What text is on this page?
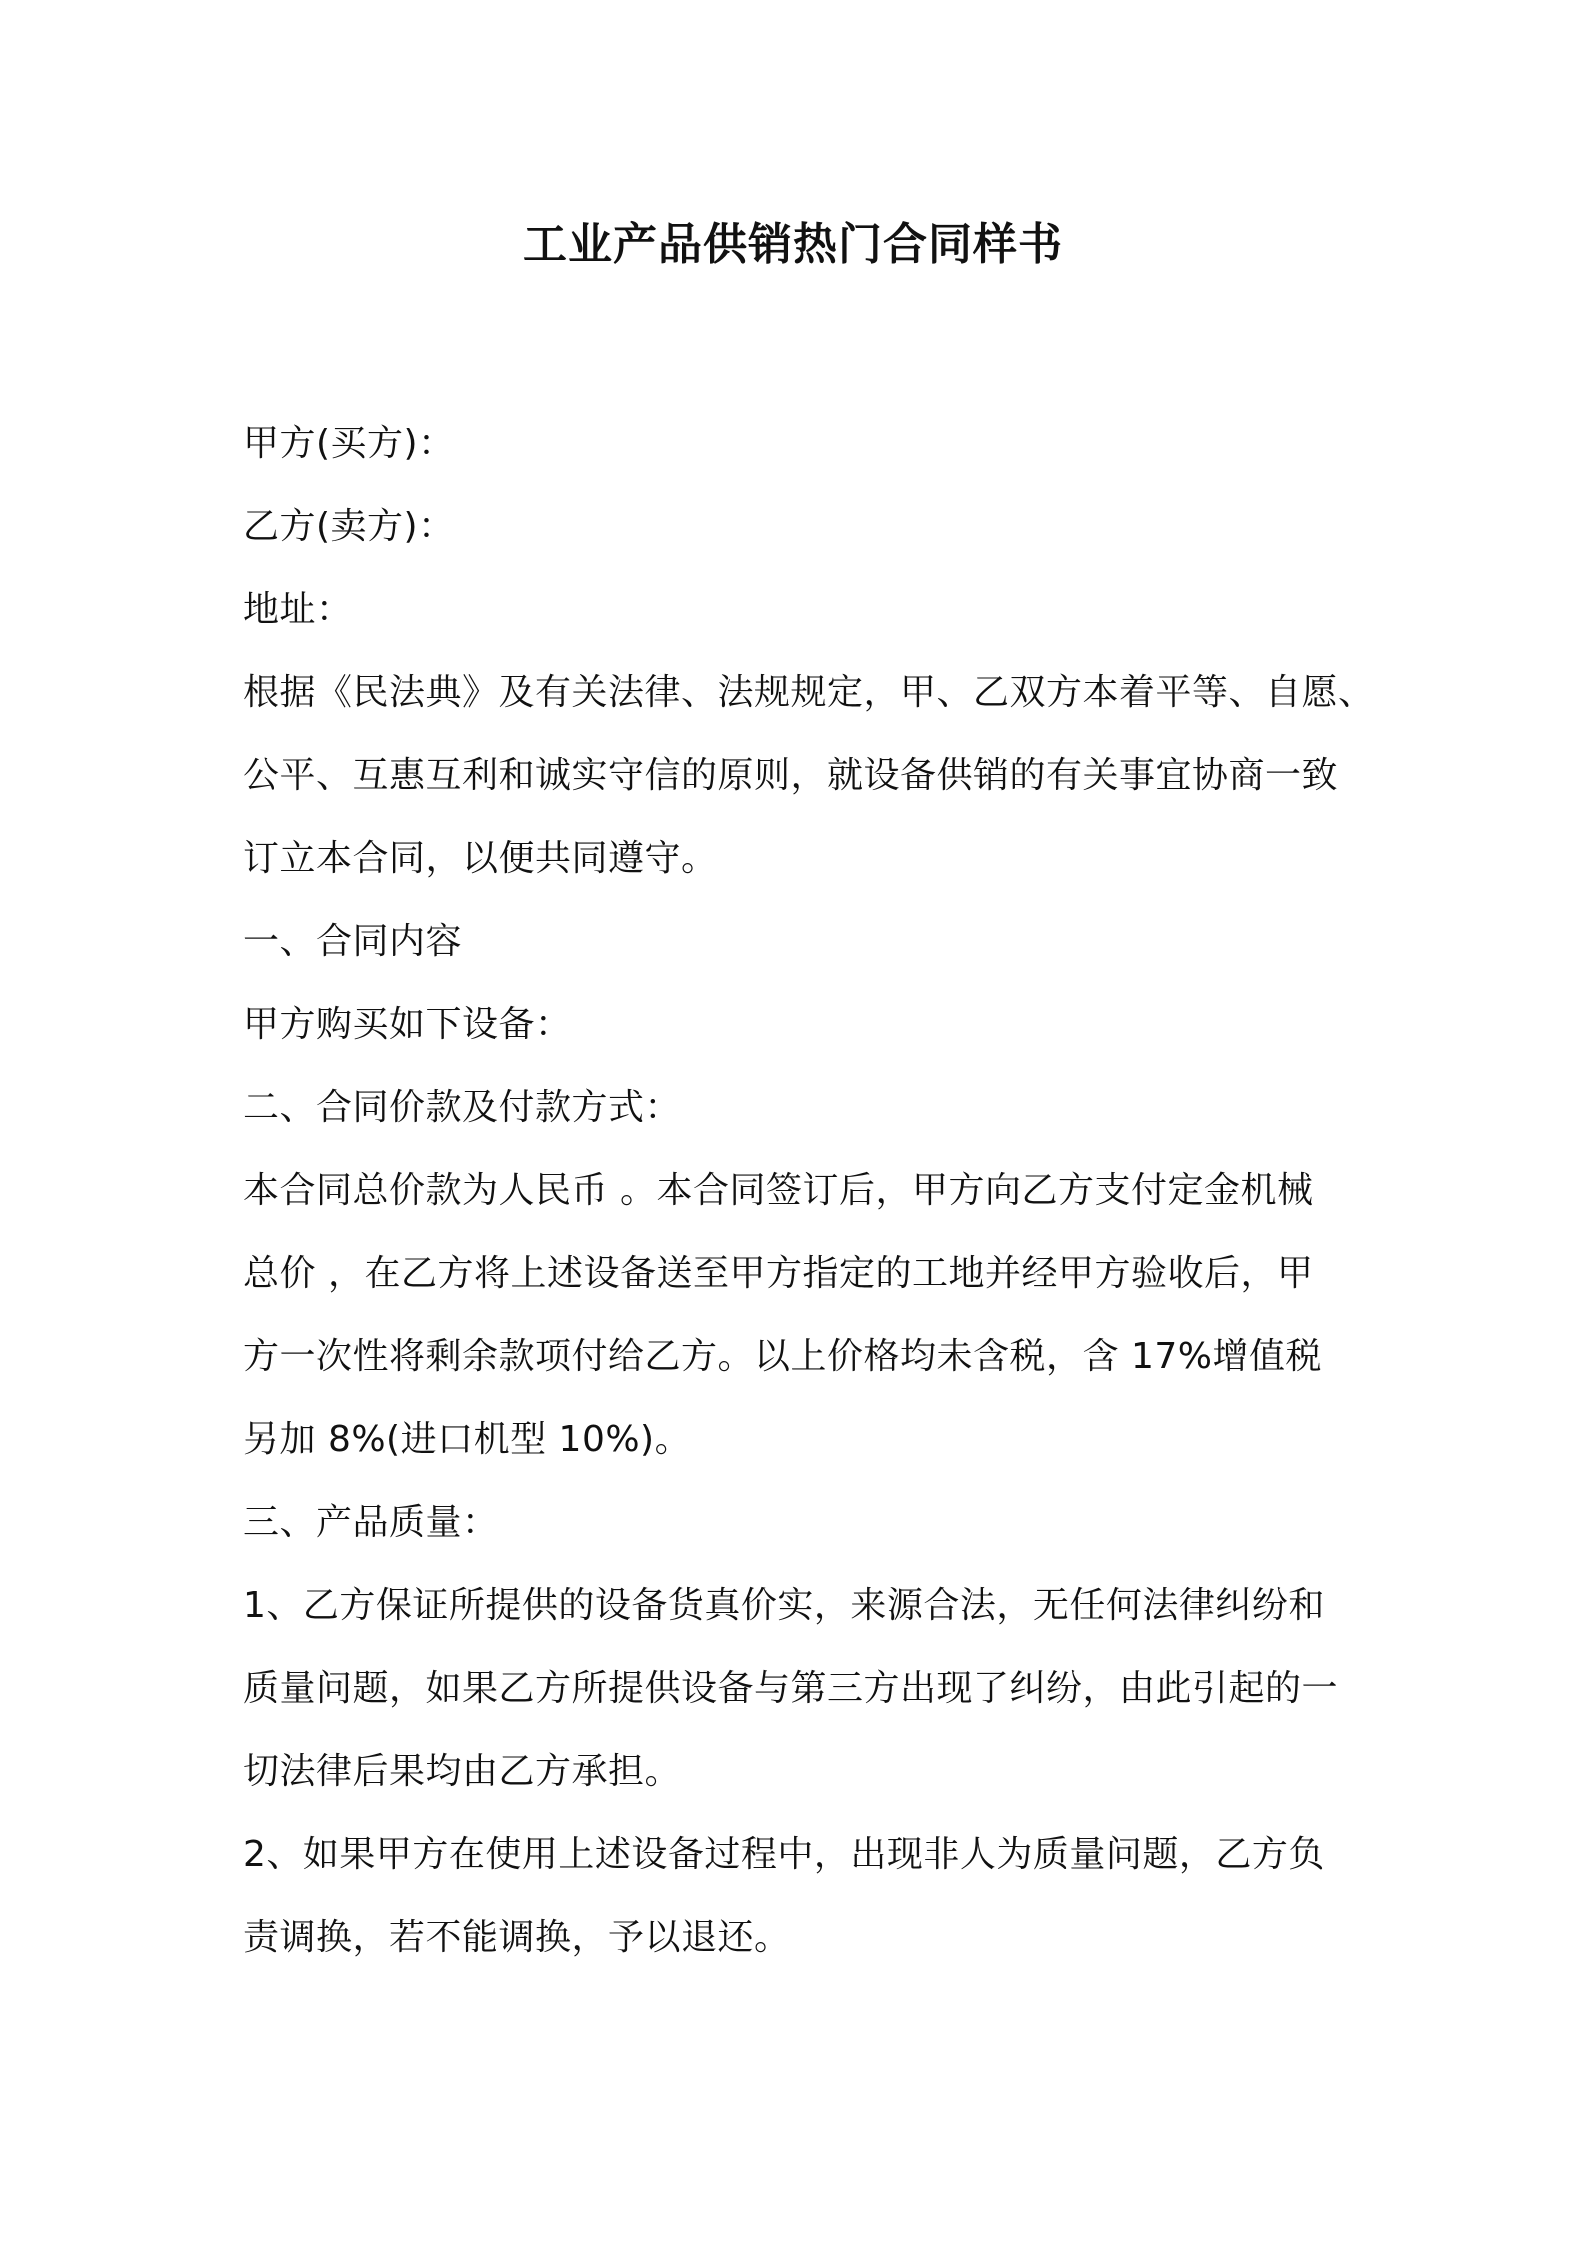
工业产品供销热门合同样书
甲方(买方)：
乙方(卖方)：
地址：
根据《民法典》及有关法律、法规规定，甲、乙双方本着平等、自愿、
公平、互惠互利和诚实守信的原则，就设备供销的有关事宜协商一致
订立本合同，以便共同遵守。
一、合同内容
甲方购买如下设备：
二、合同价款及付款方式：
本合同总价款为人民币 。本合同签订后，甲方向乙方支付定金机械
总价 ，在乙方将上述设备送至甲方指定的工地并经甲方验收后，甲
方一次性将剩余款项付给乙方。以上价格均未含税，含 17%增值税
另加 8%(进口机型 10%)。
三、产品质量：
1、乙方保证所提供的设备货真价实，来源合法，无任何法律纠纷和
质量问题，如果乙方所提供设备与第三方出现了纠纷，由此引起的一
切法律后果均由乙方承担。
2、如果甲方在使用上述设备过程中，出现非人为质量问题，乙方负
责调换，若不能调换，予以退还。
